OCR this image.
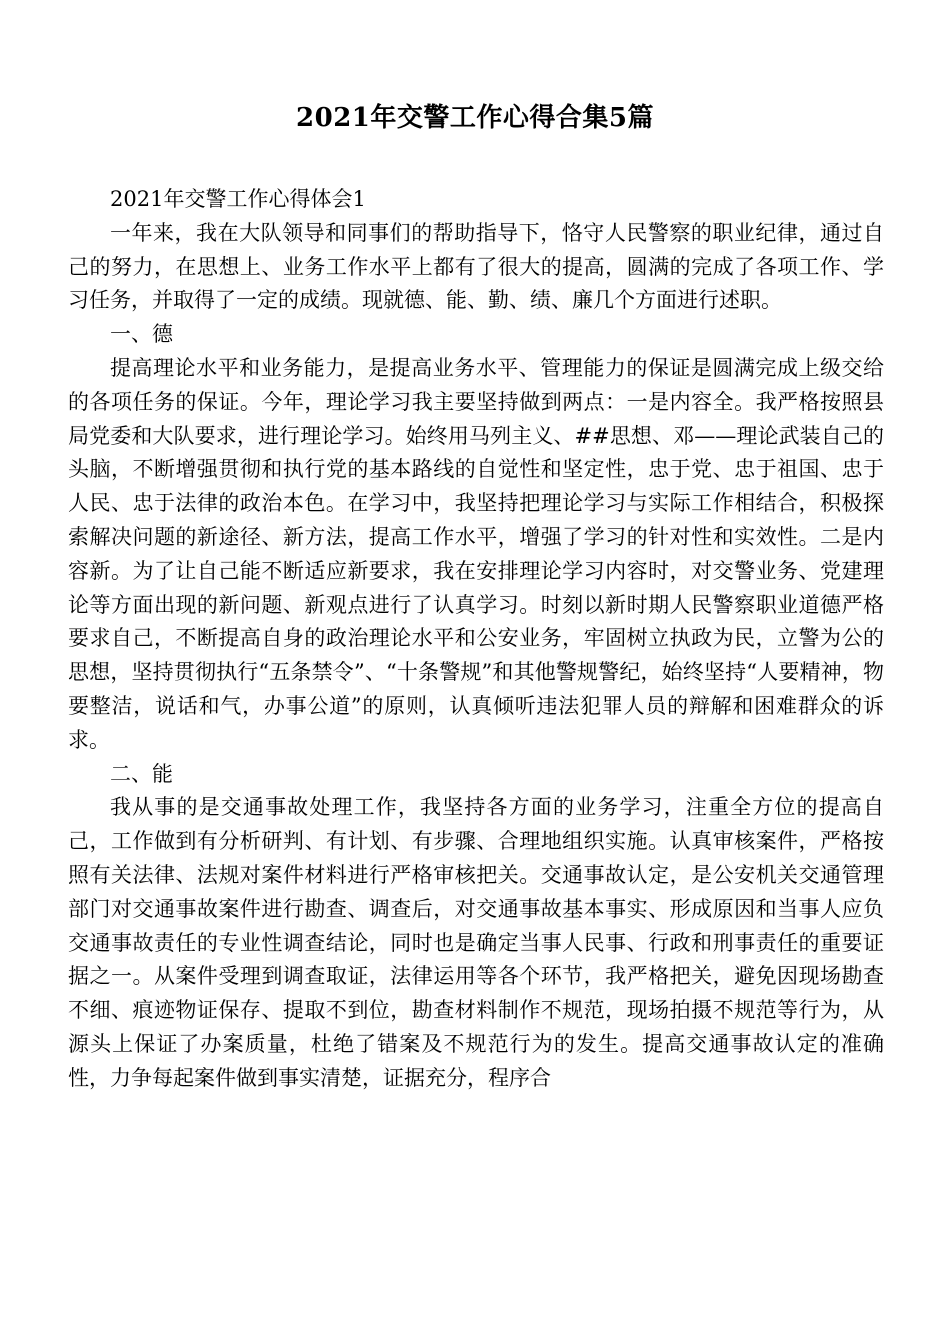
2021年交警工作心得合集5篇

2021年交警工作心得体会1

一年来，我在大队领导和同事们的帮助指导下，恪守人民警察的职业纪律，通过自己的努力，在思想上、业务工作水平上都有了很大的提高，圆满的完成了各项工作、学习任务，并取得了一定的成绩。现就德、能、勤、绩、廉几个方面进行述职。

一、德

提高理论水平和业务能力，是提高业务水平、管理能力的保证是圆满完成上级交给的各项任务的保证。今年，理论学习我主要坚持做到两点：一是内容全。我严格按照县局党委和大队要求，进行理论学习。始终用马列主义、##思想、邓——理论武装自己的头脑，不断增强贯彻和执行党的基本路线的自觉性和坚定性，忠于党、忠于祖国、忠于人民、忠于法律的政治本色。在学习中，我坚持把理论学习与实际工作相结合，积极探索解决问题的新途径、新方法，提高工作水平，增强了学习的针对性和实效性。二是内容新。为了让自己能不断适应新要求，我在安排理论学习内容时，对交警业务、党建理论等方面出现的新问题、新观点进行了认真学习。时刻以新时期人民警察职业道德严格要求自己，不断提高自身的政治理论水平和公安业务，牢固树立执政为民，立警为公的思想，坚持贯彻执行“五条禁令”、“十条警规”和其他警规警纪，始终坚持“人要精神，物要整洁，说话和气，办事公道”的原则，认真倾听违法犯罪人员的辩解和困难群众的诉求。

二、能

我从事的是交通事故处理工作，我坚持各方面的业务学习，注重全方位的提高自己，工作做到有分析研判、有计划、有步骤、合理地组织实施。认真审核案件，严格按照有关法律、法规对案件材料进行严格审核把关。交通事故认定，是公安机关交通管理部门对交通事故案件进行勘查、调查后，对交通事故基本事实、形成原因和当事人应负交通事故责任的专业性调查结论，同时也是确定当事人民事、行政和刑事责任的重要证据之一。从案件受理到调查取证，法律运用等各个环节，我严格把关，避免因现场勘查不细、痕迹物证保存、提取不到位，勘查材料制作不规范，现场拍摄不规范等行为，从源头上保证了办案质量，杜绝了错案及不规范行为的发生。提高交通事故认定的准确性，力争每起案件做到事实清楚，证据充分，程序合
